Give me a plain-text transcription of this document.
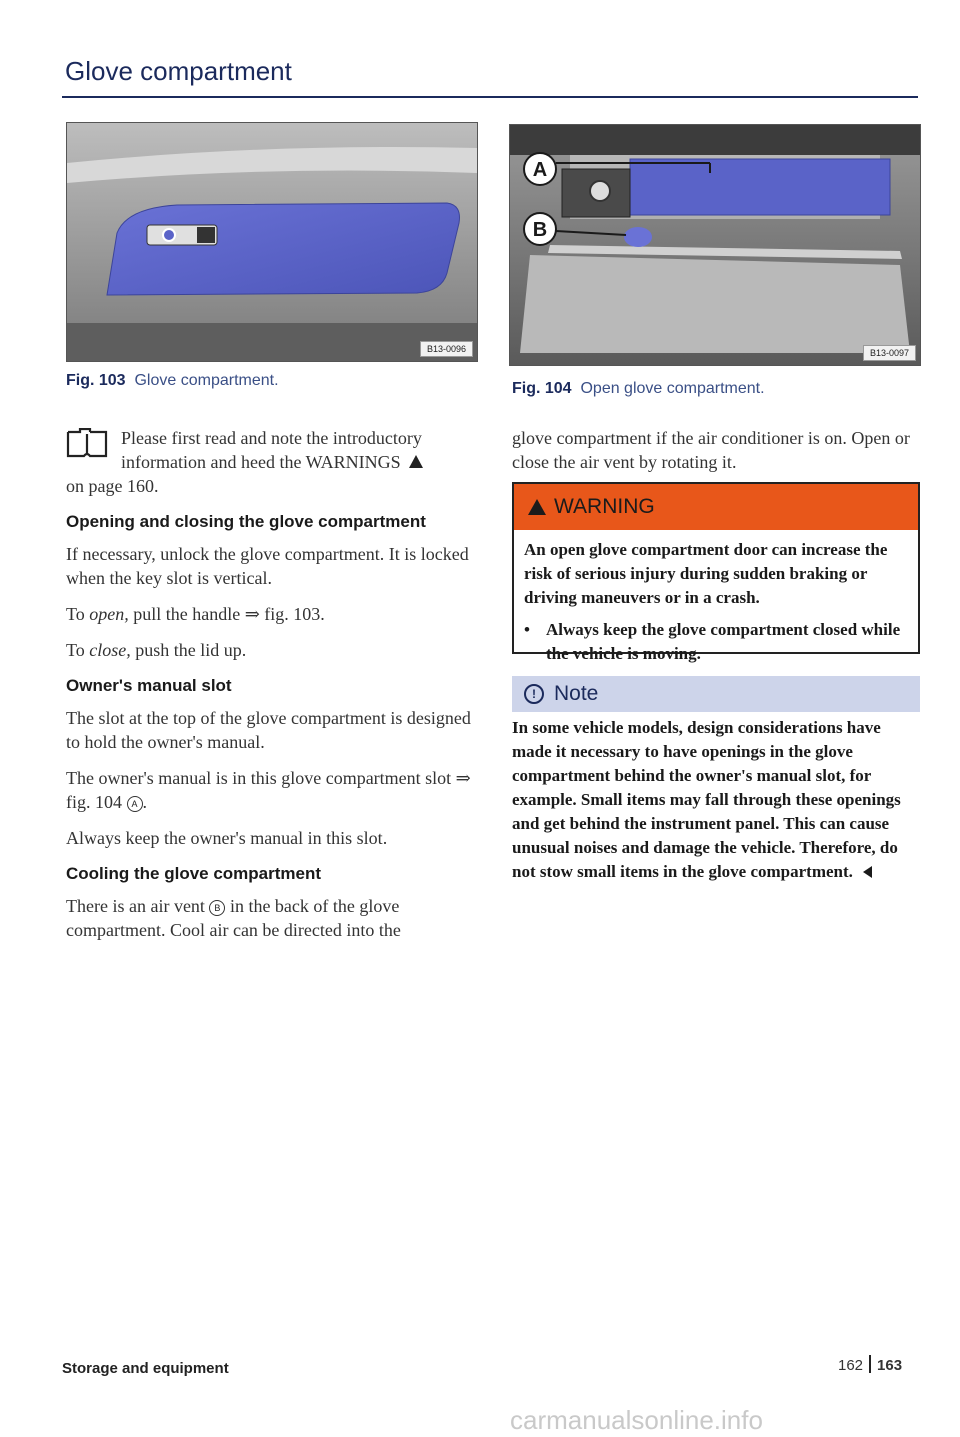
Glove compartment
B13-0096
Fig. 103 Glove compartment.
A
B
B13-0097
Fig. 104 Open glove compartment.
Please first read and note the introductory information and heed the WARNINGS
on page 160.
Opening and closing the glove compartment

If necessary, unlock the glove compartment. It is locked when the key slot is vertical.

To open, pull the handle ⇒ fig. 103.

To close, push the lid up.

Owner's manual slot

The slot at the top of the glove compartment is designed to hold the owner's manual.

The owner's manual is in this glove compartment slot ⇒ fig. 104 A .

Always keep the owner's manual in this slot.

Cooling the glove compartment

There is an air vent B in the back of the glove compartment. Cool air can be directed into the

glove compartment if the air conditioner is on. Open or close the air vent by rotating it.

WARNING

An open glove compartment door can increase the risk of serious injury during sudden braking or driving maneuvers or in a crash.

• Always keep the glove compartment closed while the vehicle is moving.
! Note
In some vehicle models, design considerations have made it necessary to have openings in the glove compartment behind the owner's manual slot, for example. Small items may fall through these openings and get behind the instrument panel. This can cause unusual noises and damage the vehicle. Therefore, do not stow small items in the glove compartment.
Storage and equipment	162 163
carmanualsonline.info
